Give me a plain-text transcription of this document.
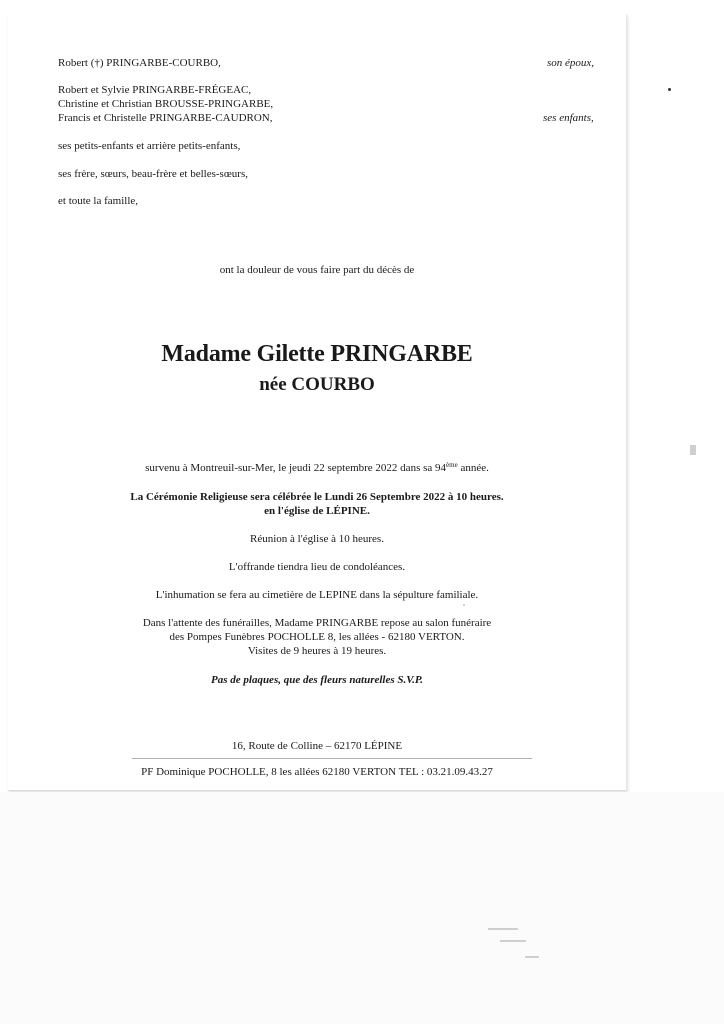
Robert (†) PRINGARBE-COURBO,	son époux,
Robert et Sylvie PRINGARBE-FRÉGEAC,
Christine et Christian BROUSSE-PRINGARBE,
Francis et Christelle PRINGARBE-CAUDRON,	ses enfants,
ses petits-enfants et arrière petits-enfants,
ses frère, sœurs, beau-frère et belles-sœurs,
et toute la famille,
ont la douleur de vous faire part du décès de
Madame Gilette PRINGARBE
née COURBO
survenu à Montreuil-sur-Mer, le jeudi 22 septembre 2022 dans sa 94ème année.
La Cérémonie Religieuse sera célébrée le Lundi 26 Septembre 2022 à 10 heures.
en l'église de LÉPINE.
Réunion à l'église à 10 heures.
L'offrande tiendra lieu de condoléances.
L'inhumation se fera au cimetière de LEPINE dans la sépulture familiale.
Dans l'attente des funérailles, Madame PRINGARBE repose au salon funéraire
des Pompes Funèbres POCHOLLE 8, les allées - 62180 VERTON.
Visites de 9 heures à 19 heures.
Pas de plaques, que des fleurs naturelles S.V.P.
16, Route de Colline – 62170 LÉPINE
PF Dominique POCHOLLE, 8 les allées 62180 VERTON TEL : 03.21.09.43.27
